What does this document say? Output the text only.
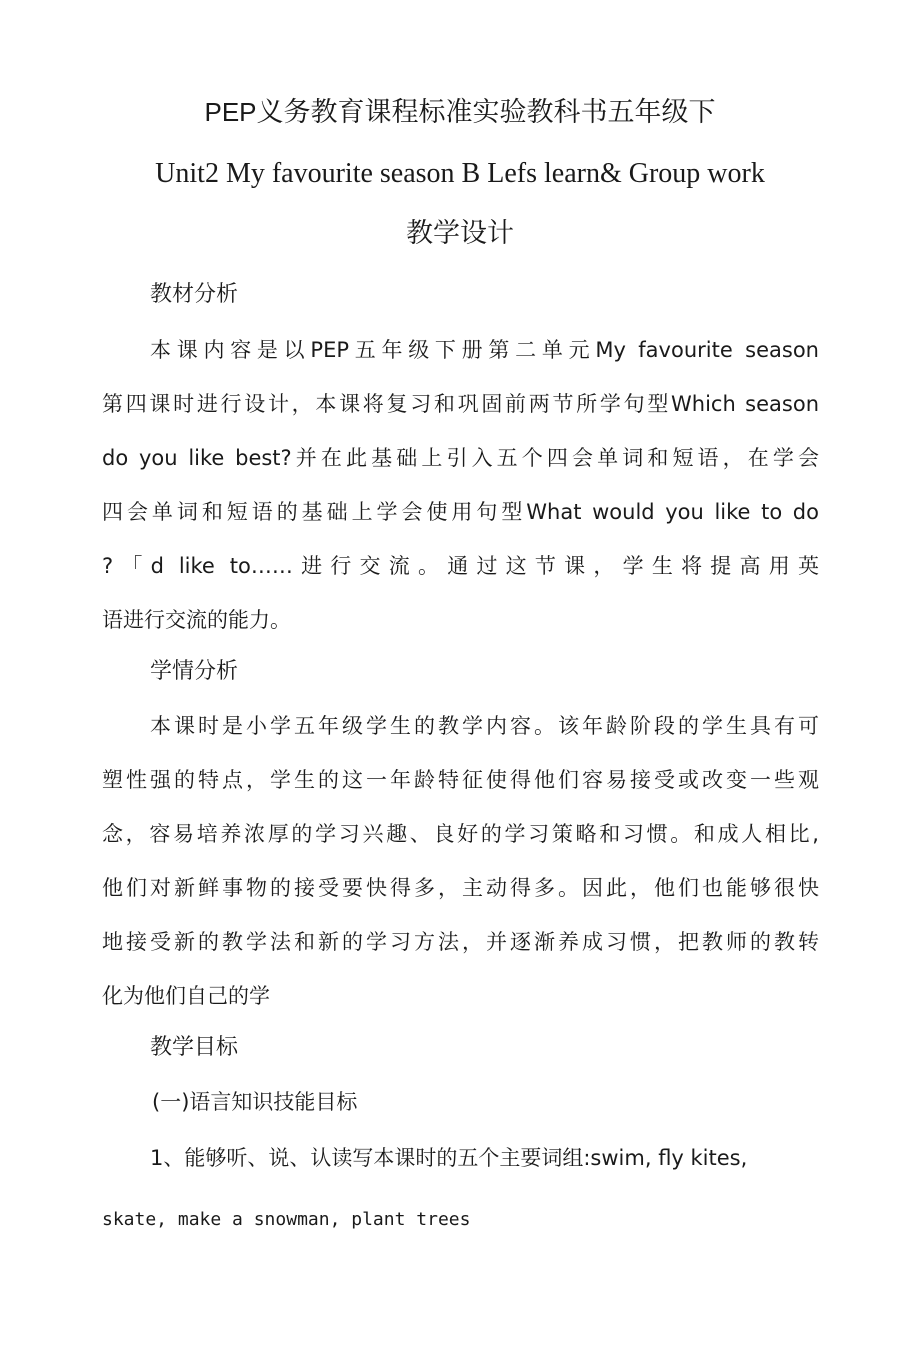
PEP义务教育课程标准实验教科书五年级下
Unit2 My favourite season B Lefs learn& Group work
教学设计
教材分析
本课内容是以PEP五年级下册第二单元My favourite season
第四课时进行设计，本课将复习和巩固前两节所学句型Which season
do you like best?并在此基础上引入五个四会单词和短语，在学会
四会单词和短语的基础上学会使用句型What would you like to do
?「d like to……进行交流。通过这节课，学生将提高用英
语进行交流的能力。
学情分析
本课时是小学五年级学生的教学内容。该年龄阶段的学生具有可
塑性强的特点，学生的这一年龄特征使得他们容易接受或改变一些观
念，容易培养浓厚的学习兴趣、良好的学习策略和习惯。和成人相比,
他们对新鲜事物的接受要快得多，主动得多。因此，他们也能够很快
地接受新的教学法和新的学习方法，并逐渐养成习惯，把教师的教转
化为他们自己的学
教学目标
(一)语言知识技能目标
1、能够听、说、认读写本课时的五个主要词组:swim, fly kites,
skate, make a snowman, plant trees
